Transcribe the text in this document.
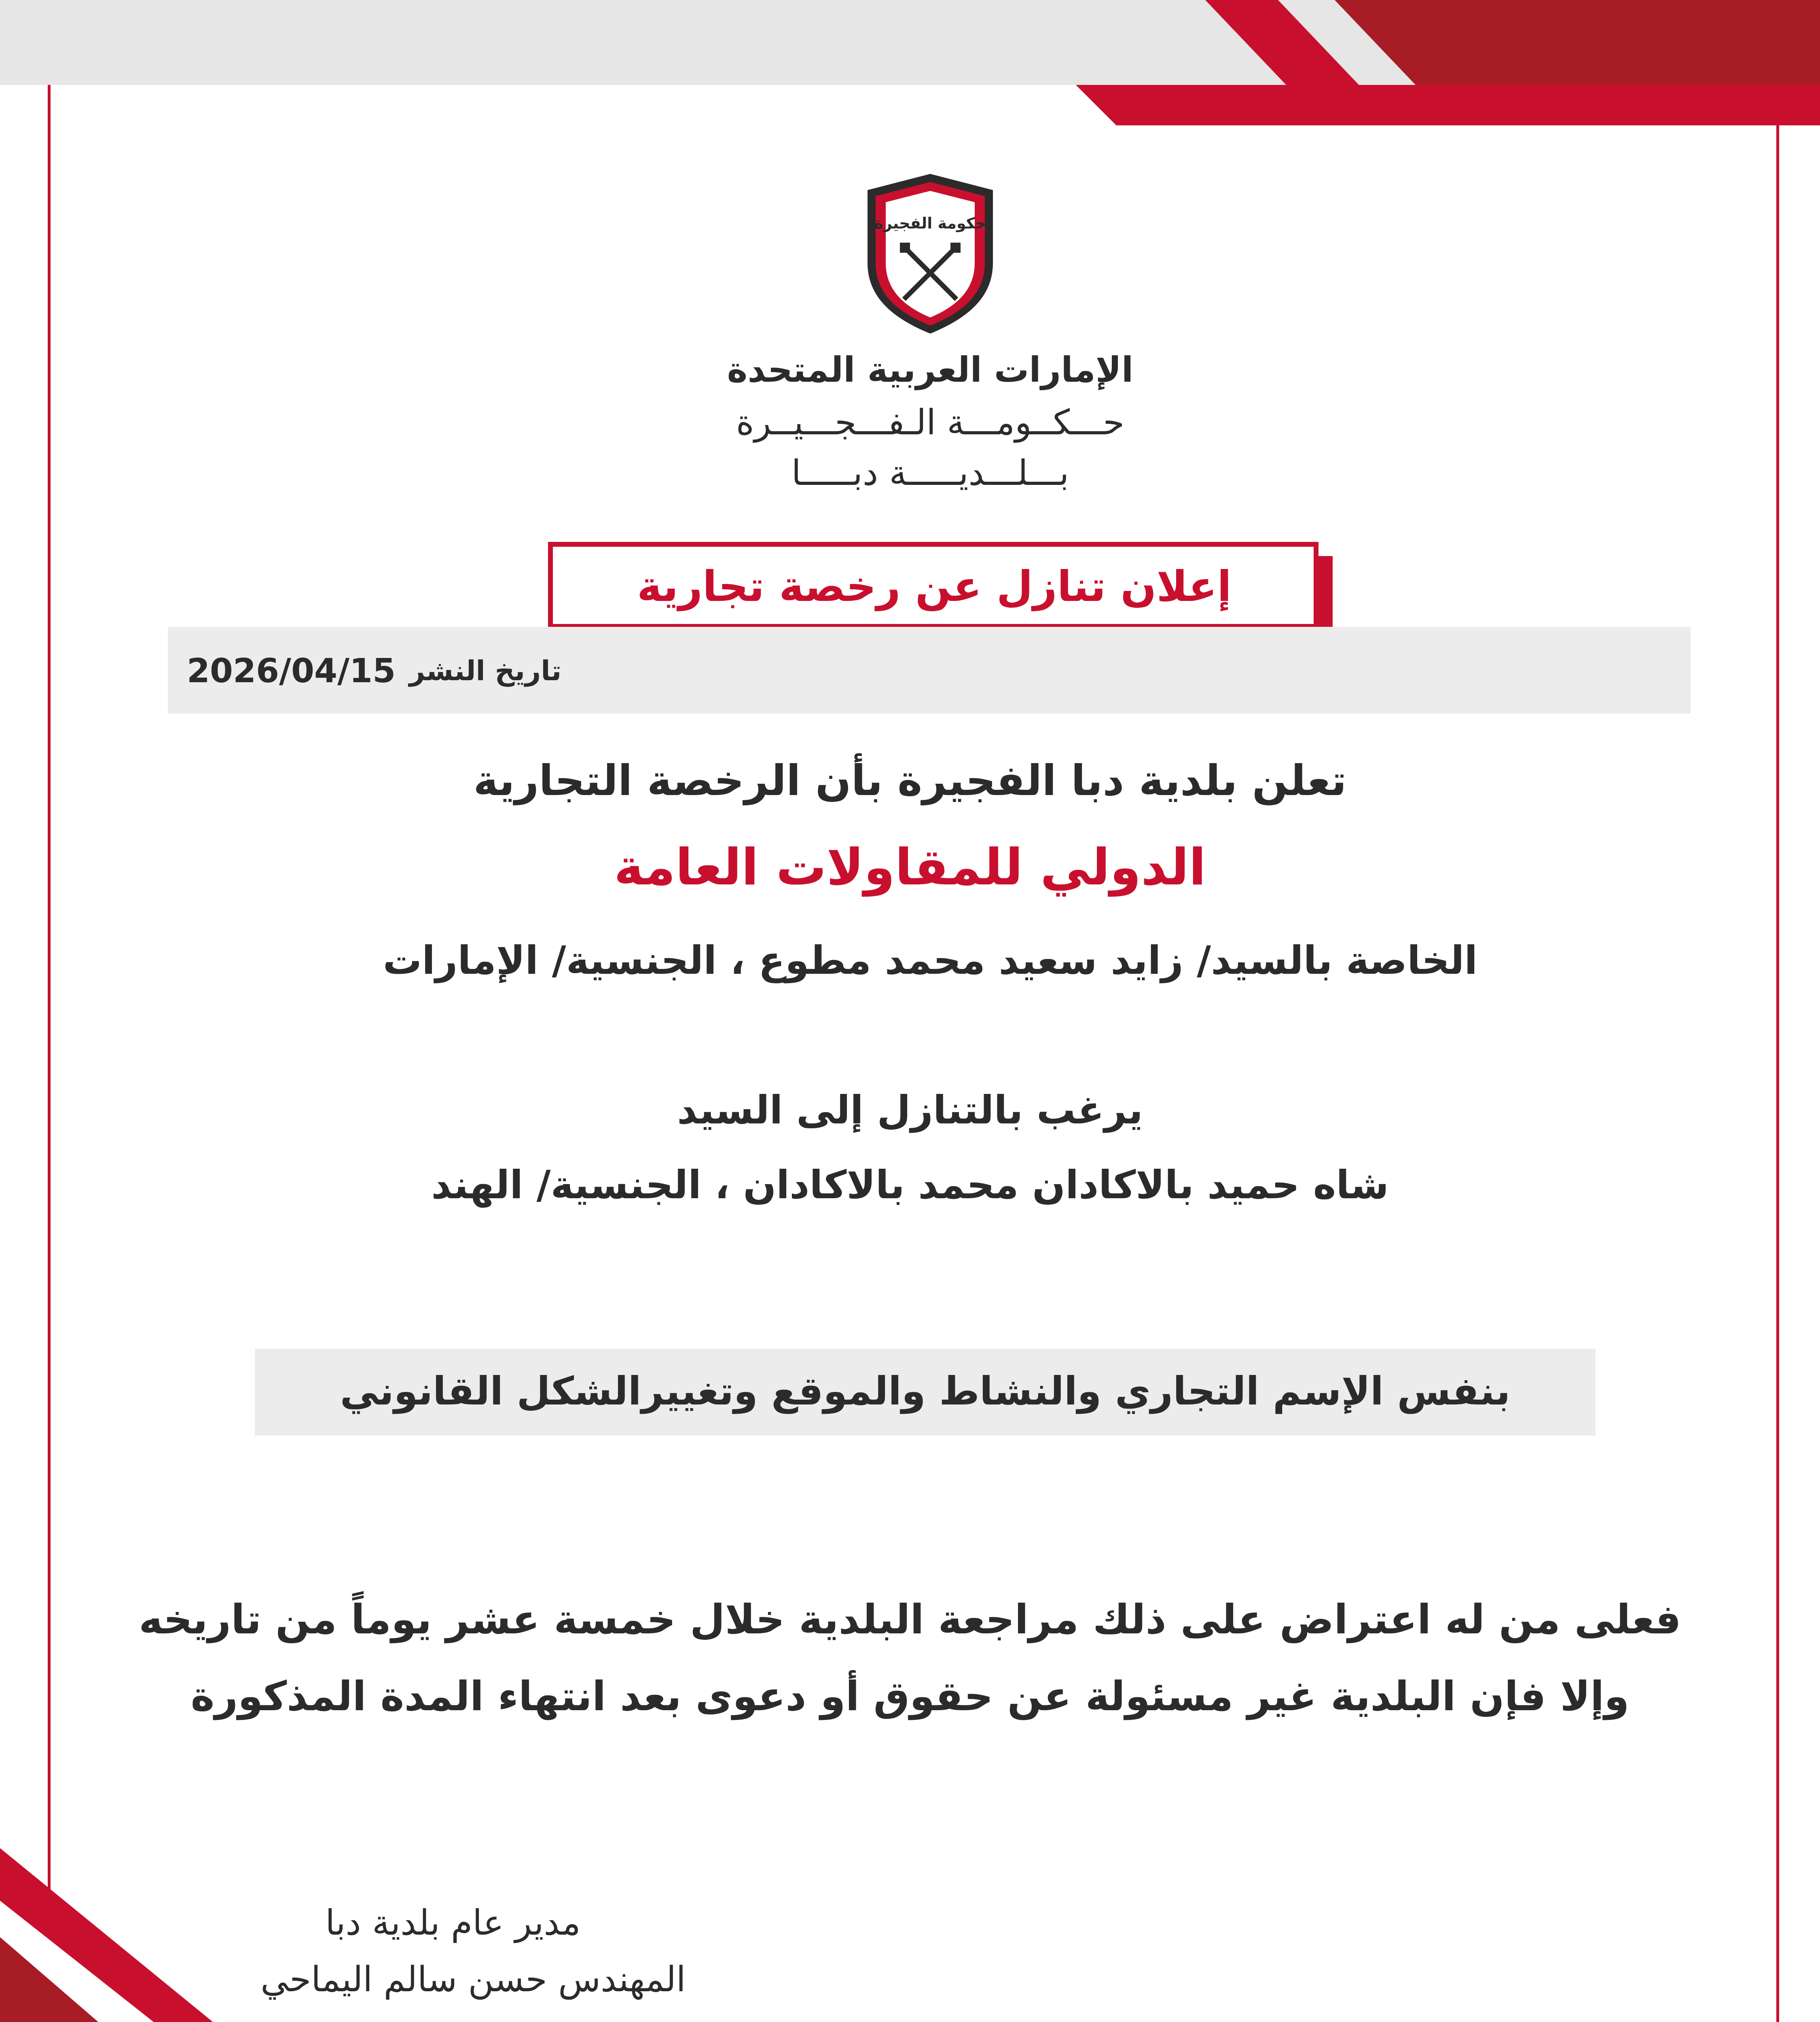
حكومة الفجيرة
الإمارات العربية المتحدة
حـــكــومـــة الـفـــجـــيــرة
بـــلـــديـــــة دبـــــا
إعلان تنازل عن رخصة تجارية
تاريخ النشر
2026/04/15
تعلن بلدية دبا الفجيرة بأن الرخصة التجارية
الدولي للمقاولات العامة
الخاصة بالسيد/ زايد سعيد محمد مطوع ، الجنسية/ الإمارات
يرغب بالتنازل إلى السيد
شاه حميد بالاكادان محمد بالاكادان ، الجنسية/ الهند
بنفس الإسم التجاري والنشاط والموقع وتغييرالشكل القانوني
فعلى من له اعتراض على ذلك مراجعة البلدية خلال خمسة عشر يوماً من تاريخه
وإلا فإن البلدية غير مسئولة عن حقوق أو دعوى بعد انتهاء المدة المذكورة
مدير عام بلدية دبا
المهندس حسن سالم اليماحي
